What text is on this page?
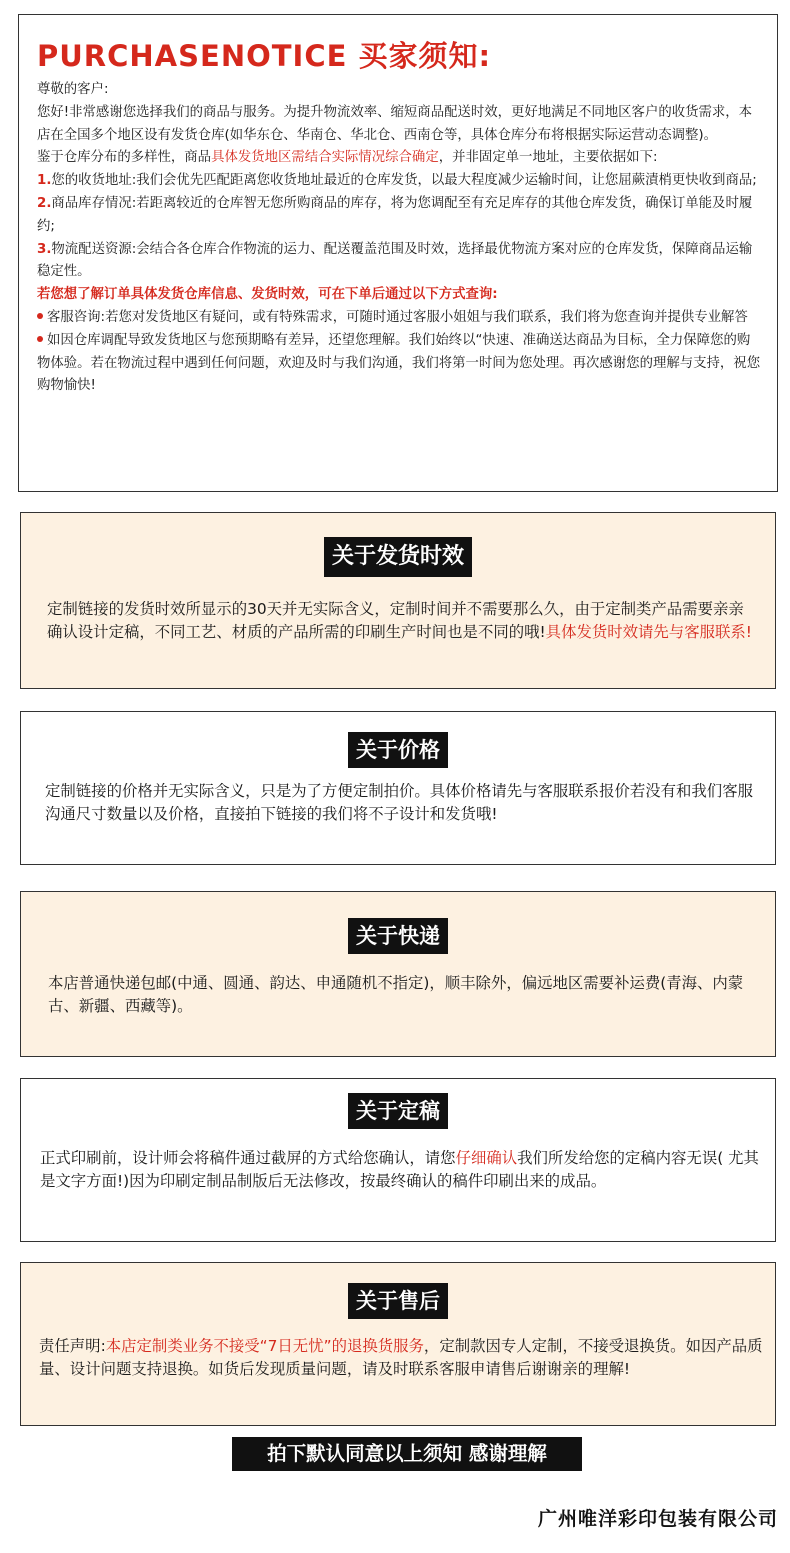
PURCHASENOTICE 买家须知:

尊敬的客户:

您好!非常感谢您选择我们的商品与服务。为提升物流效率、缩短商品配送时效，更好地满足不同地区客户的收货需求，本店在全国多个地区设有发货仓库(如华东仓、华南仓、华北仓、西南仓等，具体仓库分布将根据实际运营动态调整)。

鉴于仓库分布的多样性，商品具体发货地区需结合实际情况综合确定，并非固定单一地址，主要依据如下:

1.您的收货地址:我们会优先匹配距离您收货地址最近的仓库发货，以最大程度减少运输时间，让您屈蕨漬梢更快收到商品;

2.商品库存情况:若距离较近的仓库智无您所购商品的库存，将为您调配至有充足库存的其他仓库发货，确保订单能及时履约;

3.物流配送资源:会结合各仓库合作物流的运力、配送覆盖范围及时效，选择最优物流方案对应的仓库发货，保障商品运输稳定性。

若您想了解订单具体发货仓库信息、发货时效，可在下单后通过以下方式查询:

客服咨询:若您对发货地区有疑问，或有特殊需求，可随时通过客服小姐姐与我们联系，我们将为您查询并提供专业解答

如因仓库调配导致发货地区与您预期略有差异，还望您理解。我们始终以“快速、准确送达商品为目标，全力保障您的购物体验。若在物流过程中遇到任何问题，欢迎及时与我们沟通，我们将第一时间为您处理。再次感谢您的理解与支持，祝您购物愉快!

关于发货时效

定制链接的发货时效所显示的30天并无实际含义，定制时间并不需要那么久，由于定制类产品需要亲亲确认设计定稿，不同工艺、材质的产品所需的印刷生产时间也是不同的哦!具体发货时效请先与客服联系!

关于价格

定制链接的价格并无实际含义，只是为了方便定制拍价。具体价格请先与客服联系报价若没有和我们客服沟通尺寸数量以及价格，直接拍下链接的我们将不子设计和发货哦!

关于快递

本店普通快递包邮(中通、圆通、韵达、申通随机不指定)，顺丰除外，偏远地区需要补运费(青海、内蒙古、新疆、西藏等)。

关于定稿

正式印刷前，设计师会将稿件通过截屏的方式给您确认，请您仔细确认我们所发给您的定稿内容无误( 尤其是文字方面!)因为印刷定制品制版后无法修改，按最终确认的稿件印刷出来的成品。

关于售后

责任声明:本店定制类业务不接受“7日无忧”的退换货服务，定制款因专人定制，不接受退换货。如因产品质量、设计问题支持退换。如货后发现质量问题，请及时联系客服申请售后谢谢亲的理解!

拍下默认同意以上须知 感谢理解
广州唯洋彩印包装有限公司
